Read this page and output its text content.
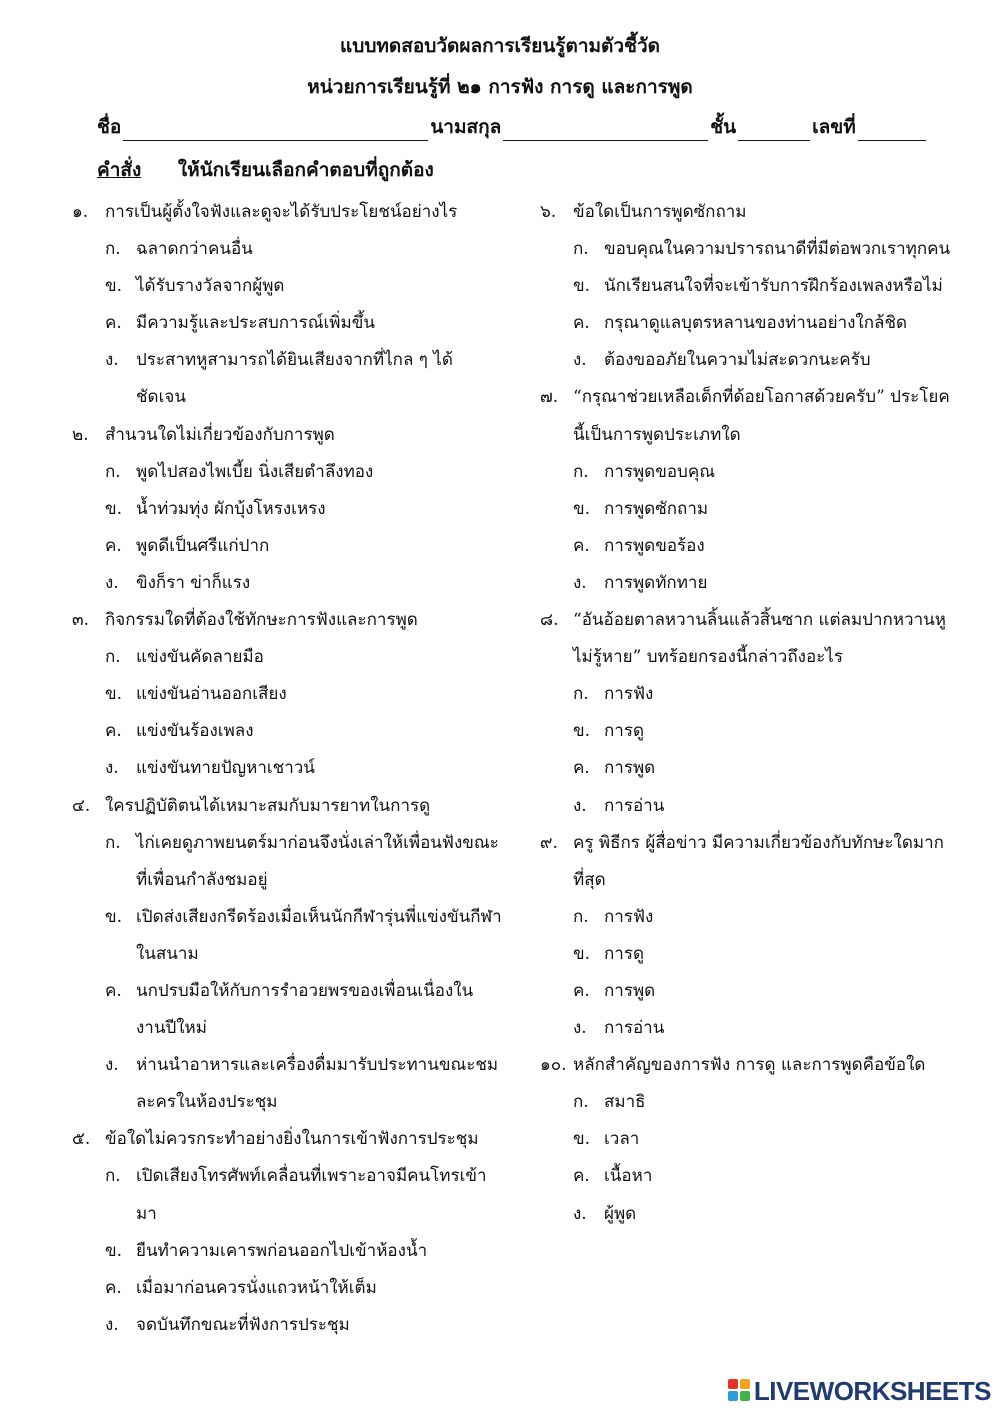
แบบทดสอบวัดผลการเรียนรู้ตามตัวชี้วัด
หน่วยการเรียนรู้ที่ ๒๑ การฟัง การดู และการพูด
ชื่อ	นามสกุล	ชั้น	เลขที่
คำสั่ง ให้นักเรียนเลือกคำตอบที่ถูกต้อง
๑. การเป็นผู้ตั้งใจฟังและดูจะได้รับประโยชน์อย่างไร
ก. ฉลาดกว่าคนอื่น
ข. ได้รับรางวัลจากผู้พูด
ค. มีความรู้และประสบการณ์เพิ่มขึ้น
ง.	ประสาทหูสามารถได้ยินเสียงจากที่ไกล ๆ ได้ชัดเจน
๒. สำนวนใดไม่เกี่ยวข้องกับการพูด
ก. พูดไปสองไพเบี้ย นิ่งเสียตำลึงทอง
ข. น้ำท่วมทุ่ง ผักบุ้งโหรงเหรง
ค. พูดดีเป็นศรีแก่ปาก
ง.	ขิงก็รา ข่าก็แรง
๓. กิจกรรมใดที่ต้องใช้ทักษะการฟังและการพูด
ก. แข่งขันคัดลายมือ
ข. แข่งขันอ่านออกเสียง
ค. แข่งขันร้องเพลง
ง.	แข่งขันทายปัญหาเชาวน์
๔. ใครปฏิบัติตนได้เหมาะสมกับมารยาทในการดู
ก. ไก่เคยดูภาพยนตร์มาก่อนจึงนั่งเล่าให้เพื่อนฟังขณะที่เพื่อนกำลังชมอยู่
ข. เปิดส่งเสียงกรีดร้องเมื่อเห็นนักกีฬารุ่นพี่แข่งขันกีฬาในสนาม
ค. นกปรบมือให้กับการรำอวยพรของเพื่อนเนื่องในงานปีใหม่
ง.	ห่านนำอาหารและเครื่องดื่มมารับประทานขณะชมละครในห้องประชุม
๕. ข้อใดไม่ควรกระทำอย่างยิ่งในการเข้าฟังการประชุม
ก. เปิดเสียงโทรศัพท์เคลื่อนที่เพราะอาจมีคนโทรเข้ามา
ข. ยืนทำความเคารพก่อนออกไปเข้าห้องน้ำ
ค. เมื่อมาก่อนควรนั่งแถวหน้าให้เต็ม
ง.	จดบันทึกขณะที่ฟังการประชุม
๖. ข้อใดเป็นการพูดซักถาม
ก. ขอบคุณในความปรารถนาดีที่มีต่อพวกเราทุกคน
ข. นักเรียนสนใจที่จะเข้ารับการฝึกร้องเพลงหรือไม่
ค. กรุณาดูแลบุตรหลานของท่านอย่างใกล้ชิด
ง.	ต้องขออภัยในความไม่สะดวกนะครับ
๗. “กรุณาช่วยเหลือเด็กที่ด้อยโอกาสด้วยครับ” ประโยคนี้เป็นการพูดประเภทใด
ก. การพูดขอบคุณ
ข. การพูดซักถาม
ค. การพูดขอร้อง
ง.	การพูดทักทาย
๘. “อันอ้อยตาลหวานลิ้นแล้วสิ้นซาก แต่ลมปากหวานหูไม่รู้หาย” บทร้อยกรองนี้กล่าวถึงอะไร
ก. การฟัง
ข. การดู
ค. การพูด
ง.	การอ่าน
๙. ครู พิธีกร ผู้สื่อข่าว มีความเกี่ยวข้องกับทักษะใดมากที่สุด
ก. การฟัง
ข. การดู
ค. การพูด
ง.	การอ่าน
๑๐. หลักสำคัญของการฟัง การดู และการพูดคือข้อใด
ก. สมาธิ
ข. เวลา
ค. เนื้อหา
ง.	ผู้พูด
LIVEWORKSHEETS
